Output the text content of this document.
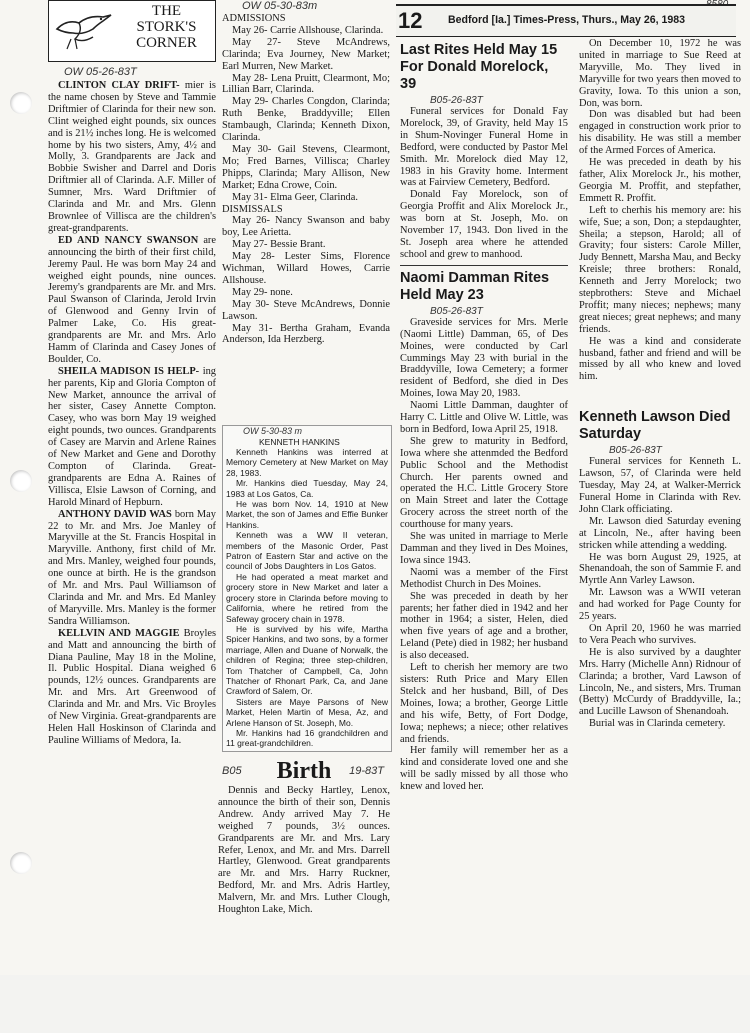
THE
STORK'S
CORNER
OW 05-26-83T

CLINTON CLAY DRIFT- mier is the name chosen by Steve and Tammie Driftmier of Clarinda for their new son. Clint weighed eight pounds, six ounces and is 21½ inches long. He is welcomed home by his two sisters, Amy, 4½ and Molly, 3. Grandparents are Jack and Bobbie Swisher and Darrel and Doris Driftmier all of Clarinda. A.F. Miller of Sumner, Mrs. Ward Driftmier of Clarinda and Mr. and Mrs. Glenn Brownlee of Villisca are the children's great-grandparents.

ED AND NANCY SWANSON are announcing the birth of their first child, Jeremy Paul. He was born May 24 and weighed eight pounds, nine ounces. Jeremy's grandparents are Mr. and Mrs. Paul Swanson of Clarinda, Jerold Irvin of Glenwood and Genny Irvin of Palmer Lake, Co. His great-grandparents are Mr. and Mrs. Arlo Hamm of Clarinda and Casey Jones of Boulder, Co.

SHEILA MADISON IS HELP- ing her parents, Kip and Gloria Compton of New Market, announce the arrival of her sister, Casey Annette Compton. Casey, who was born May 19 weighed eight pounds, two ounces. Grandparents of Casey are Marvin and Arlene Raines of New Market and Gene and Dorothy Compton of Clarinda. Great-grandparents are Edna A. Raines of Villisca, Elsie Lawson of Corning, and Harold Minard of Hepburn.

ANTHONY DAVID WAS born May 22 to Mr. and Mrs. Joe Manley of Maryville at the St. Francis Hospital in Maryville. Anthony, first child of Mr. and Mrs. Manley, weighed four pounds, one ounce at birth. He is the grandson of Mr. and Mrs. Paul Williamson of Clarinda and Mr. and Mrs. Ed Manley of Maryville. Mrs. Manley is the former Sandra Williamson.

KELLVIN AND MAGGIE Broyles and Matt and announcing the birth of Diana Pauline, May 18 in the Moline, Il. Public Hospital. Diana weighed 6 pounds, 12½ ounces. Grandparents are Mr. and Mrs. Art Greenwood of Clarinda and Mr. and Mrs. Vic Broyles of New Virginia. Great-grandparents are Helen Hall Hoskinson of Clarinda and Pauline Williams of Medora, Ia.

OW 05-30-83m

ADMISSIONS

May 26- Carrie Allshouse, Clarinda.

May 27- Steve McAndrews, Clarinda; Eva Journey, New Market; Earl Murren, New Market.

May 28- Lena Pruitt, Clearmont, Mo; Lillian Barr, Clarinda.

May 29- Charles Congdon, Clarinda; Ruth Benke, Braddyville; Ellen Stambaugh, Clarinda; Kenneth Dixon, Clarinda.

May 30- Gail Stevens, Clearmont, Mo; Fred Barnes, Villisca; Charley Phipps, Clarinda; Mary Allison, New Market; Edna Crowe, Coin.

May 31- Elma Geer, Clarinda.

DISMISSALS

May 26- Nancy Swanson and baby boy, Lee Arietta.

May 27- Bessie Brant.

May 28- Lester Sims, Florence Wichman, Willard Howes, Carrie Allshouse.

May 29- none.

May 30- Steve McAndrews, Donnie Lawson.

May 31- Bertha Graham, Evanda Anderson, Ida Herzberg.

OW 5-30-83 m

KENNETH HANKINS

Kenneth Hankins was interred at Memory Cemetery at New Market on May 28, 1983.

Mr. Hankins died Tuesday, May 24, 1983 at Los Gatos, Ca.

He was born Nov. 14, 1910 at New Market, the son of James and Effie Bunker Hankins.

Kenneth was a WW II veteran, members of the Masonic Order, Past Patron of Eastern Star and active on the council of Jobs Daughters in Los Gatos.

He had operated a meat market and grocery store in New Market and later a grocery store in Clarinda before moving to California, where he retired from the Safeway grocery chain in 1978.

He is survived by his wife, Martha Spicer Hankins, and two sons, by a former marriage, Allen and Duane of Norwalk, the children of Regina; three step-children, Tom Thatcher of Campbell, Ca, John Thatcher of Rhonart Park, Ca, and Jane Crawford of Salem, Or.

Sisters are Maye Parsons of New Market, Helen Martin of Mesa, Az, and Arlene Hanson of St. Joseph, Mo.

Mr. Hankins had 16 grandchildren and 11 great-grandchildren.

B05	Birth	19-83T

Dennis and Becky Hartley, Lenox, announce the birth of their son, Dennis Andrew. Andy arrived May 7. He weighed 7 pounds, 3½ ounces. Grandparents are Mr. and Mrs. Lary Refer, Lenox, and Mr. and Mrs. Darrell Hartley, Glenwood. Great grandparents are Mr. and Mrs. Harry Ruckner, Bedford, Mr. and Mrs. Adris Hartley, Malvern, Mr. and Mrs. Luther Clough, Houghton Lake, Mich.

12 Bedford [Ia.] Times-Press, Thurs., May 26, 1983
Last Rites Held May 15 For Donald Morelock, 39
B05-26-83T

Funeral services for Donald Fay Morelock, 39, of Gravity, held May 15 in Shum-Novinger Funeral Home in Bedford, were conducted by Pastor Mel Smith. Mr. Morelock died May 12, 1983 in his Gravity home. Interment was at Fairview Cemetery, Bedford.

Donald Fay Morelock, son of Georgia Proffit and Alix Morelock Jr., was born at St. Joseph, Mo. on November 17, 1943. Don lived in the St. Joseph area where he attended school and grew to manhood.

Naomi Damman Rites Held May 23
B05-26-83T

Graveside services for Mrs. Merle (Naomi Little) Damman, 65, of Des Moines, were conducted by Carl Cummings May 23 with burial in the Braddyville, Iowa Cemetery; a former resident of Bedford, she died in Des Moines, Iowa May 20, 1983.

Naomi Little Damman, daughter of Harry C. Little and Olive W. Little, was born in Bedford, Iowa April 25, 1918.

She grew to maturity in Bedford, Iowa where she attenmded the Bedford Public School and the Methodist Church. Her parents owned and operated the H.C. Little Grocery Store on Main Street and later the Cottage Grocery across the street north of the courthouse for many years.

She was united in marriage to Merle Damman and they lived in Des Moines, Iowa since 1943.

Naomi was a member of the First Methodist Church in Des Moines.

She was preceded in death by her parents; her father died in 1942 and her mother in 1964; a sister, Helen, died when five years of age and a brother, Leland (Pete) died in 1982; her husband is also deceased.

Left to cherish her memory are two sisters: Ruth Price and Mary Ellen Stelck and her husband, Bill, of Des Moines, Iowa; a brother, George Little and his wife, Betty, of Fort Dodge, Iowa; nephews; a niece; other relatives and friends.

Her family will remember her as a kind and considerate loved one and she will be sadly missed by all those who knew and loved her.

On December 10, 1972 he was united in marriage to Sue Reed at Maryville, Mo. They lived in Maryville for two years then moved to Gravity, Iowa. To this union a son, Don, was born.

Don was disabled but had been engaged in construction work prior to his disability. He was still a member of the Armed Forces of America.

He was preceded in death by his father, Alix Morelock Jr., his mother, Georgia M. Proffit, and stepfather, Emmett R. Proffit.

Left to cherhis his memory are: his wife, Sue; a son, Don; a stepdaughter, Sheila; a stepson, Harold; all of Gravity; four sisters: Carole Miller, Judy Bennett, Marsha Mau, and Becky Kreisle; three brothers: Ronald, Kenneth and Jerry Morelock; two stepbrothers: Steve and Michael Proffit; many nieces; nephews; many great nieces; great nephews; and many friends.

He was a kind and considerate husband, father and friend and will be missed by all who knew and loved him.

Kenneth Lawson Died Saturday
B05-26-83T

Funeral services for Kenneth L. Lawson, 57, of Clarinda were held Tuesday, May 24, at Walker-Merrick Funeral Home in Clarinda with Rev. John Clark officiating.

Mr. Lawson died Saturday evening at Lincoln, Ne., after having been stricken while attending a wedding.

He was born August 29, 1925, at Shenandoah, the son of Sammie F. and Myrtle Ann Varley Lawson.

Mr. Lawson was a WWII veteran and had worked for Page County for 25 years.

On April 20, 1960 he was married to Vera Peach who survives.

He is also survived by a daughter Mrs. Harry (Michelle Ann) Ridnour of Clarinda; a brother, Vard Lawson of Lincoln, Ne., and sisters, Mrs. Truman (Betty) McCurdy of Braddyville, Ia.; and Lucille Lawson of Shenandoah.

Burial was in Clarinda cemetery.
